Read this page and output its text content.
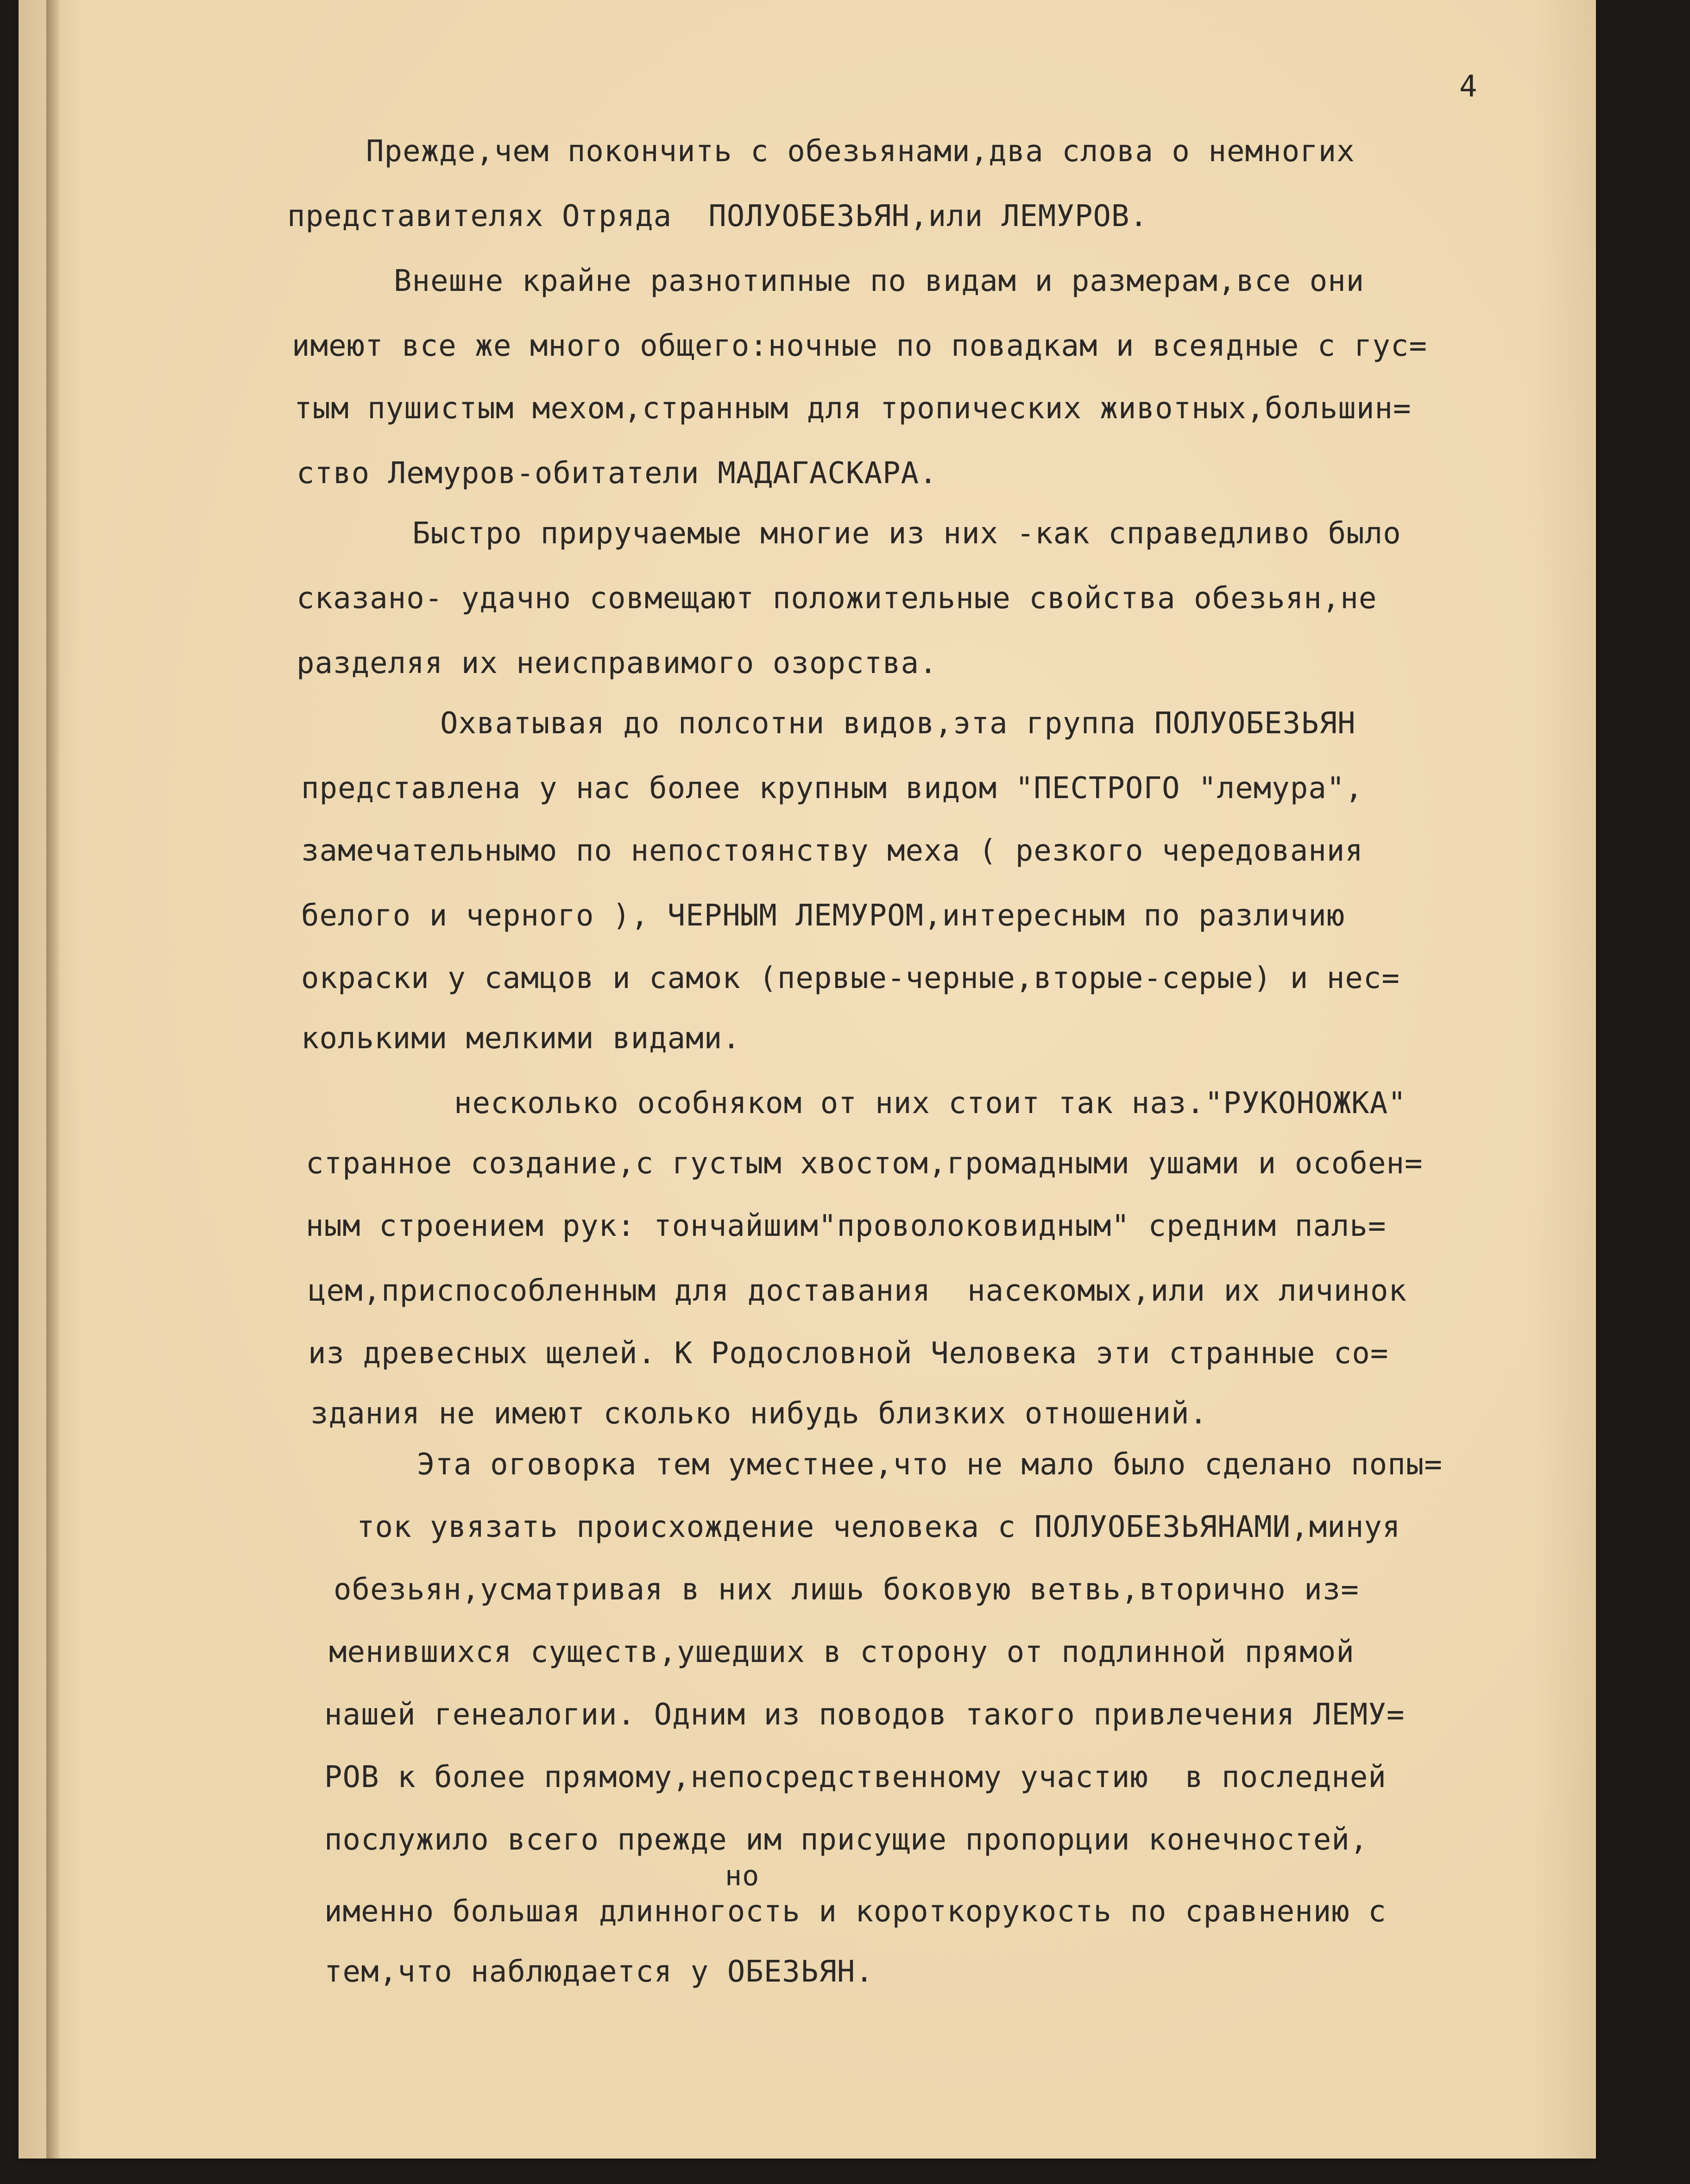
4

Прежде,чем покончить с обезьянами,два слова о немногих

представителях Отряда  ПОЛУОБЕЗЬЯН,или ЛЕМУРОВ.

Внешне крайне разнотипные по видам и размерам,все они

имеют все же много общего:ночные по повадкам и всеядные с гус=

тым пушистым мехом,странным для тропических животных,большин=

ство Лемуров-обитатели МАДАГАСКАРА.

Быстро приручаемые многие из них -как справедливо было

сказано- удачно совмещают положительные свойства обезьян,не

разделяя их неисправимого озорства.

Охватывая до полсотни видов,эта группа ПОЛУОБЕЗЬЯН

представлена у нас более крупным видом "ПЕСТРОГО "лемура",

замечательнымо по непостоянству меха ( резкого чередования

белого и черного ), ЧЕРНЫМ ЛЕМУРОМ,интересным по различию

окраски у самцов и самок (первые-черные,вторые-серые) и нес=

колькими мелкими видами.

несколько особняком от них стоит так наз."РУКОНОЖКА"

странное создание,с густым хвостом,громадными ушами и особен=

ным строением рук: тончайшим"проволоковидным" средним паль=

цем,приспособленным для доставания  насекомых,или их личинок

из древесных щелей. К Родословной Человека эти странные со=

здания не имеют сколько нибудь близких отношений.

Эта оговорка тем уместнее,что не мало было сделано попы=

ток увязать происхождение человека с ПОЛУОБЕЗЬЯНАМИ,минуя

обезьян,усматривая в них лишь боковую ветвь,вторично из=

менившихся существ,ушедших в сторону от подлинной прямой

нашей генеалогии. Одним из поводов такого привлечения ЛЕМУ=

РОВ к более прямому,непосредственному участию  в последней

послужило всего прежде им присущие пропорции конечностей,

именно большая длинногость и короткорукость по сравнению с

тем,что наблюдается у ОБЕЗЬЯН.

но
